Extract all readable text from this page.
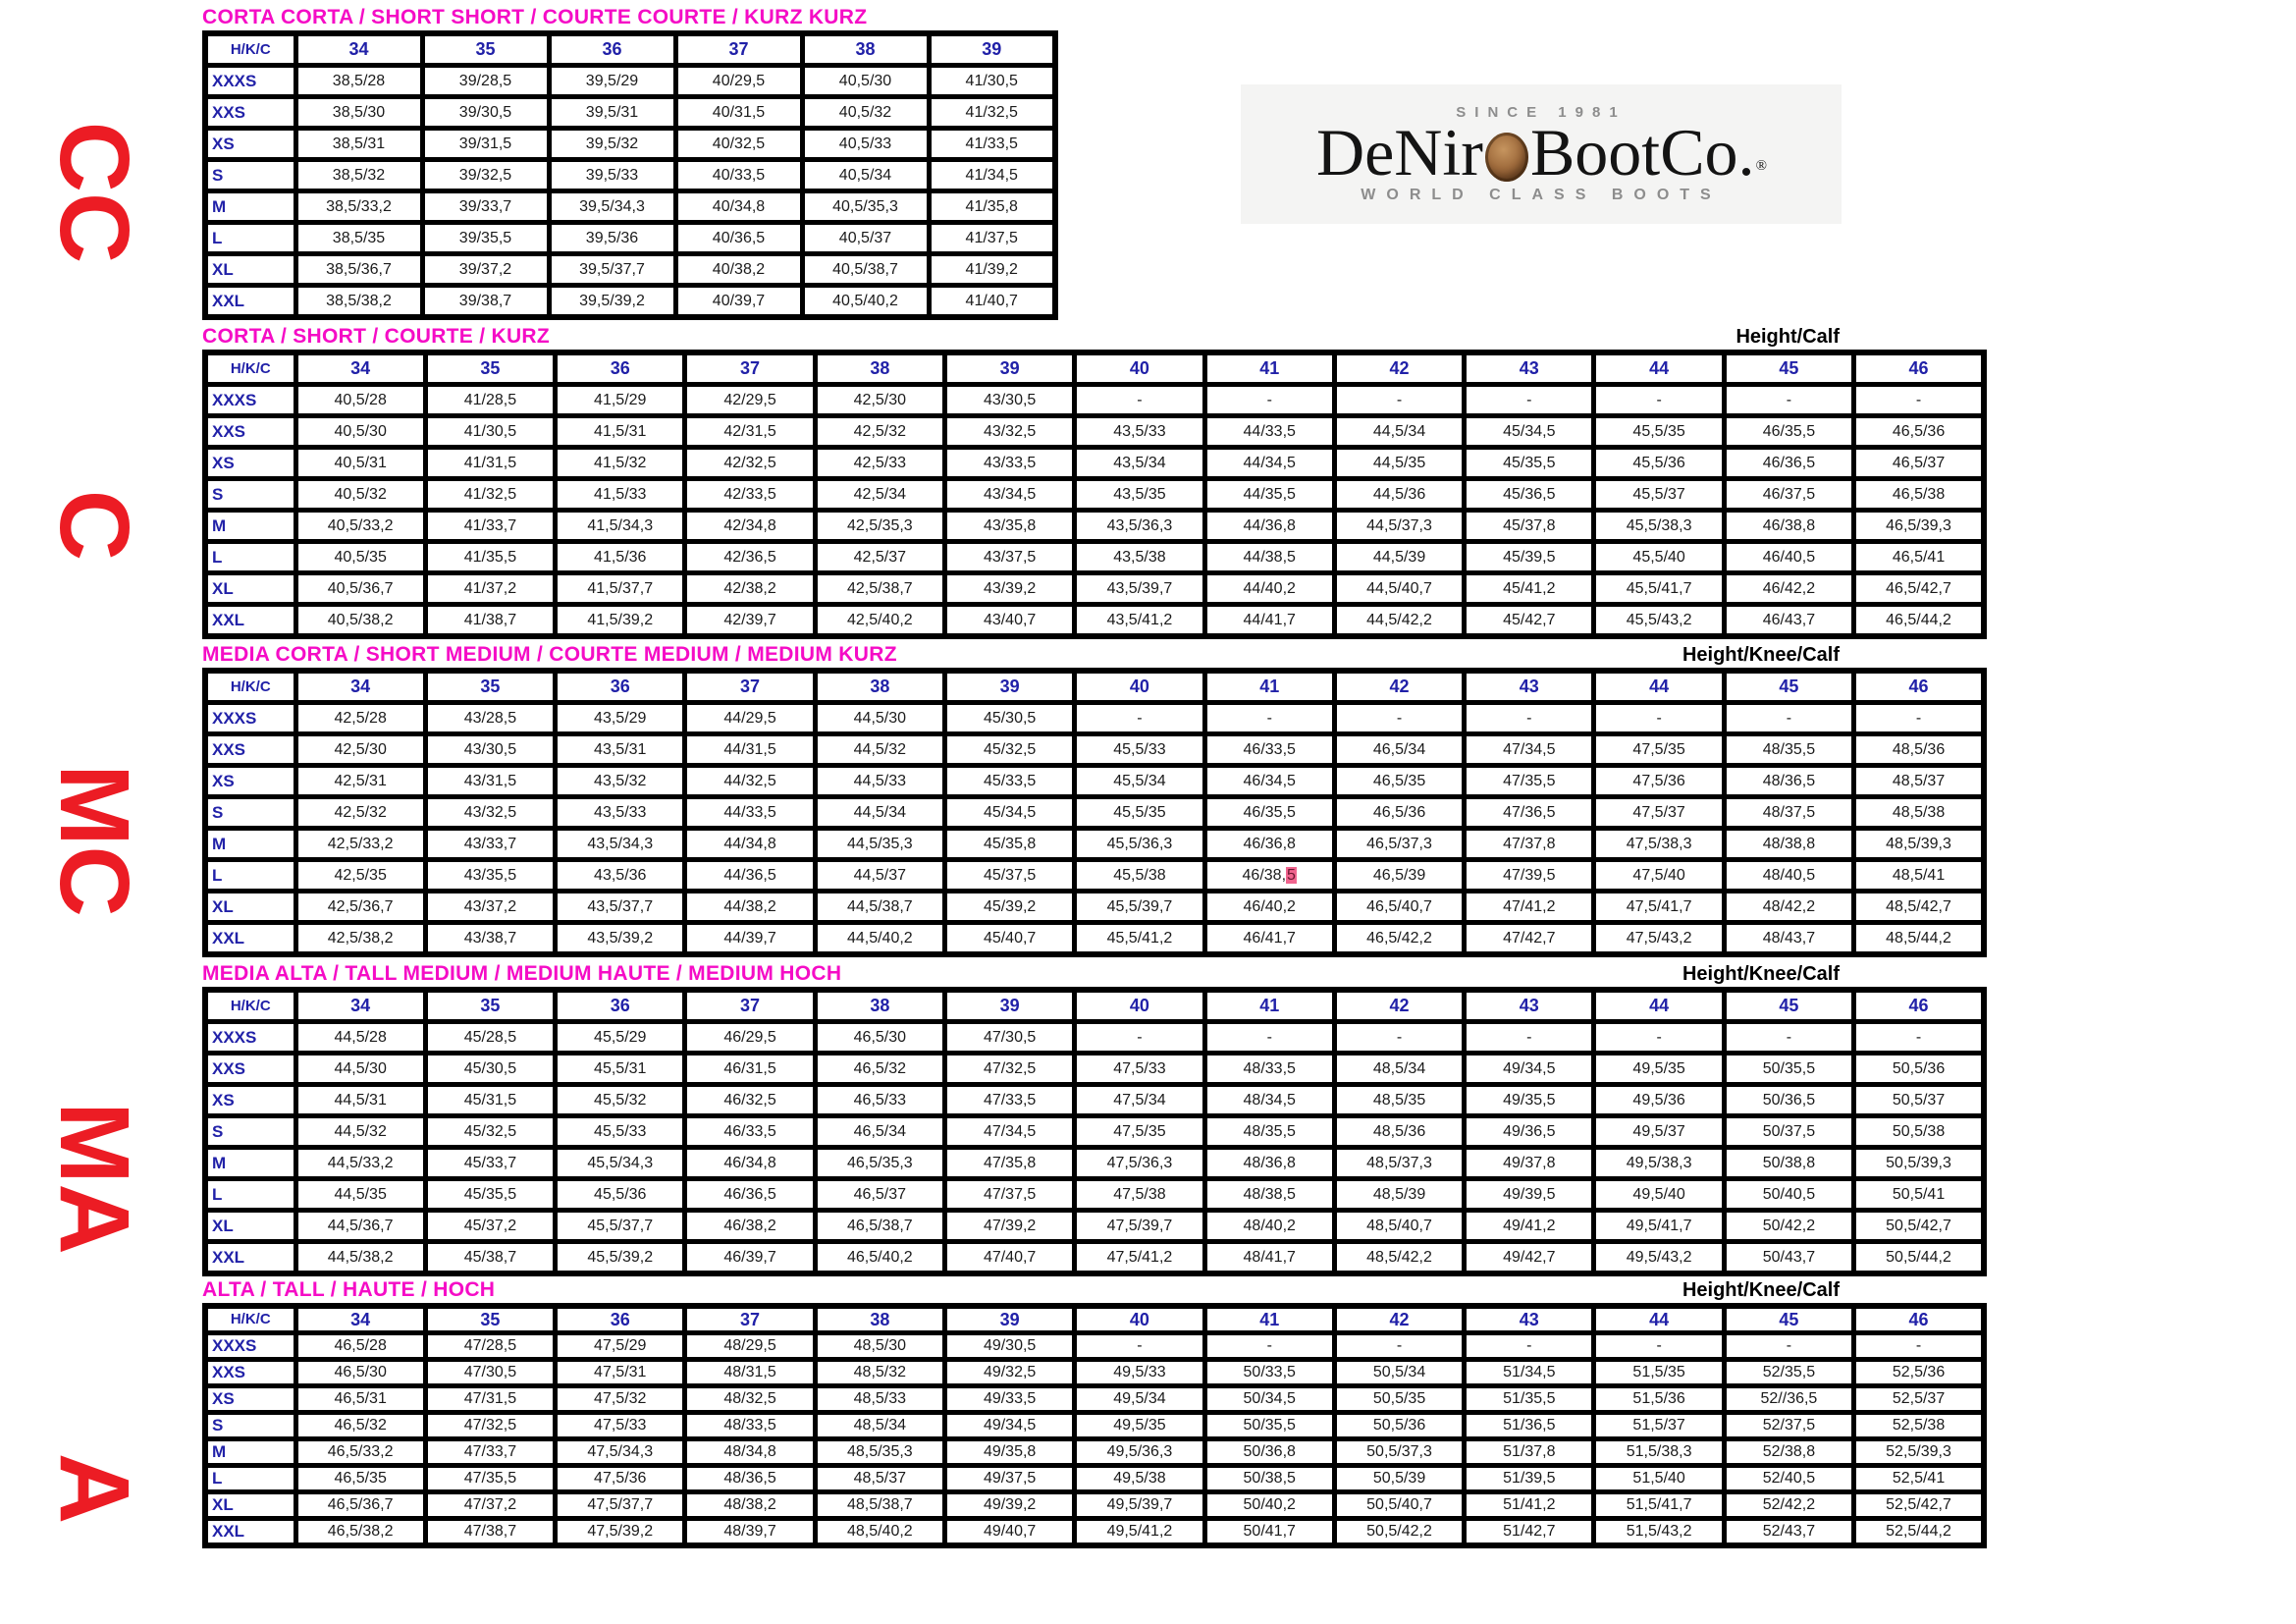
CC
C
MC
MA
A
SINCE 1981
DeNir BootCo. ®
WORLD CLASS BOOTS
CORTA CORTA / SHORT SHORT / COURTE COURTE / KURZ KURZ
H/K/C	34	35	36	37	38	39
XXXS	38,5/28	39/28,5	39,5/29	40/29,5	40,5/30	41/30,5
XXS	38,5/30	39/30,5	39,5/31	40/31,5	40,5/32	41/32,5
XS	38,5/31	39/31,5	39,5/32	40/32,5	40,5/33	41/33,5
S	38,5/32	39/32,5	39,5/33	40/33,5	40,5/34	41/34,5
M	38,5/33,2	39/33,7	39,5/34,3	40/34,8	40,5/35,3	41/35,8
L	38,5/35	39/35,5	39,5/36	40/36,5	40,5/37	41/37,5
XL	38,5/36,7	39/37,2	39,5/37,7	40/38,2	40,5/38,7	41/39,2
XXL	38,5/38,2	39/38,7	39,5/39,2	40/39,7	40,5/40,2	41/40,7
CORTA / SHORT / COURTE / KURZ	Height/Calf
H/K/C	34	35	36	37	38	39	40	41	42	43	44	45	46
XXXS	40,5/28	41/28,5	41,5/29	42/29,5	42,5/30	43/30,5	-	-	-	-	-	-	-
XXS	40,5/30	41/30,5	41,5/31	42/31,5	42,5/32	43/32,5	43,5/33	44/33,5	44,5/34	45/34,5	45,5/35	46/35,5	46,5/36
XS	40,5/31	41/31,5	41,5/32	42/32,5	42,5/33	43/33,5	43,5/34	44/34,5	44,5/35	45/35,5	45,5/36	46/36,5	46,5/37
S	40,5/32	41/32,5	41,5/33	42/33,5	42,5/34	43/34,5	43,5/35	44/35,5	44,5/36	45/36,5	45,5/37	46/37,5	46,5/38
M	40,5/33,2	41/33,7	41,5/34,3	42/34,8	42,5/35,3	43/35,8	43,5/36,3	44/36,8	44,5/37,3	45/37,8	45,5/38,3	46/38,8	46,5/39,3
L	40,5/35	41/35,5	41,5/36	42/36,5	42,5/37	43/37,5	43,5/38	44/38,5	44,5/39	45/39,5	45,5/40	46/40,5	46,5/41
XL	40,5/36,7	41/37,2	41,5/37,7	42/38,2	42,5/38,7	43/39,2	43,5/39,7	44/40,2	44,5/40,7	45/41,2	45,5/41,7	46/42,2	46,5/42,7
XXL	40,5/38,2	41/38,7	41,5/39,2	42/39,7	42,5/40,2	43/40,7	43,5/41,2	44/41,7	44,5/42,2	45/42,7	45,5/43,2	46/43,7	46,5/44,2
MEDIA CORTA / SHORT MEDIUM / COURTE MEDIUM / MEDIUM KURZ	Height/Knee/Calf
H/K/C	34	35	36	37	38	39	40	41	42	43	44	45	46
XXXS	42,5/28	43/28,5	43,5/29	44/29,5	44,5/30	45/30,5	-	-	-	-	-	-	-
XXS	42,5/30	43/30,5	43,5/31	44/31,5	44,5/32	45/32,5	45,5/33	46/33,5	46,5/34	47/34,5	47,5/35	48/35,5	48,5/36
XS	42,5/31	43/31,5	43,5/32	44/32,5	44,5/33	45/33,5	45,5/34	46/34,5	46,5/35	47/35,5	47,5/36	48/36,5	48,5/37
S	42,5/32	43/32,5	43,5/33	44/33,5	44,5/34	45/34,5	45,5/35	46/35,5	46,5/36	47/36,5	47,5/37	48/37,5	48,5/38
M	42,5/33,2	43/33,7	43,5/34,3	44/34,8	44,5/35,3	45/35,8	45,5/36,3	46/36,8	46,5/37,3	47/37,8	47,5/38,3	48/38,8	48,5/39,3
L	42,5/35	43/35,5	43,5/36	44/36,5	44,5/37	45/37,5	45,5/38	46/38,5	46,5/39	47/39,5	47,5/40	48/40,5	48,5/41
XL	42,5/36,7	43/37,2	43,5/37,7	44/38,2	44,5/38,7	45/39,2	45,5/39,7	46/40,2	46,5/40,7	47/41,2	47,5/41,7	48/42,2	48,5/42,7
XXL	42,5/38,2	43/38,7	43,5/39,2	44/39,7	44,5/40,2	45/40,7	45,5/41,2	46/41,7	46,5/42,2	47/42,7	47,5/43,2	48/43,7	48,5/44,2
MEDIA ALTA / TALL MEDIUM / MEDIUM HAUTE / MEDIUM HOCH	Height/Knee/Calf
H/K/C	34	35	36	37	38	39	40	41	42	43	44	45	46
XXXS	44,5/28	45/28,5	45,5/29	46/29,5	46,5/30	47/30,5	-	-	-	-	-	-	-
XXS	44,5/30	45/30,5	45,5/31	46/31,5	46,5/32	47/32,5	47,5/33	48/33,5	48,5/34	49/34,5	49,5/35	50/35,5	50,5/36
XS	44,5/31	45/31,5	45,5/32	46/32,5	46,5/33	47/33,5	47,5/34	48/34,5	48,5/35	49/35,5	49,5/36	50/36,5	50,5/37
S	44,5/32	45/32,5	45,5/33	46/33,5	46,5/34	47/34,5	47,5/35	48/35,5	48,5/36	49/36,5	49,5/37	50/37,5	50,5/38
M	44,5/33,2	45/33,7	45,5/34,3	46/34,8	46,5/35,3	47/35,8	47,5/36,3	48/36,8	48,5/37,3	49/37,8	49,5/38,3	50/38,8	50,5/39,3
L	44,5/35	45/35,5	45,5/36	46/36,5	46,5/37	47/37,5	47,5/38	48/38,5	48,5/39	49/39,5	49,5/40	50/40,5	50,5/41
XL	44,5/36,7	45/37,2	45,5/37,7	46/38,2	46,5/38,7	47/39,2	47,5/39,7	48/40,2	48,5/40,7	49/41,2	49,5/41,7	50/42,2	50,5/42,7
XXL	44,5/38,2	45/38,7	45,5/39,2	46/39,7	46,5/40,2	47/40,7	47,5/41,2	48/41,7	48,5/42,2	49/42,7	49,5/43,2	50/43,7	50,5/44,2
ALTA / TALL / HAUTE / HOCH	Height/Knee/Calf
H/K/C	34	35	36	37	38	39	40	41	42	43	44	45	46
XXXS	46,5/28	47/28,5	47,5/29	48/29,5	48,5/30	49/30,5	-	-	-	-	-	-	-
XXS	46,5/30	47/30,5	47,5/31	48/31,5	48,5/32	49/32,5	49,5/33	50/33,5	50,5/34	51/34,5	51,5/35	52/35,5	52,5/36
XS	46,5/31	47/31,5	47,5/32	48/32,5	48,5/33	49/33,5	49,5/34	50/34,5	50,5/35	51/35,5	51,5/36	52//36,5	52,5/37
S	46,5/32	47/32,5	47,5/33	48/33,5	48,5/34	49/34,5	49,5/35	50/35,5	50,5/36	51/36,5	51,5/37	52/37,5	52,5/38
M	46,5/33,2	47/33,7	47,5/34,3	48/34,8	48,5/35,3	49/35,8	49,5/36,3	50/36,8	50,5/37,3	51/37,8	51,5/38,3	52/38,8	52,5/39,3
L	46,5/35	47/35,5	47,5/36	48/36,5	48,5/37	49/37,5	49,5/38	50/38,5	50,5/39	51/39,5	51,5/40	52/40,5	52,5/41
XL	46,5/36,7	47/37,2	47,5/37,7	48/38,2	48,5/38,7	49/39,2	49,5/39,7	50/40,2	50,5/40,7	51/41,2	51,5/41,7	52/42,2	52,5/42,7
XXL	46,5/38,2	47/38,7	47,5/39,2	48/39,7	48,5/40,2	49/40,7	49,5/41,2	50/41,7	50,5/42,2	51/42,7	51,5/43,2	52/43,7	52,5/44,2
